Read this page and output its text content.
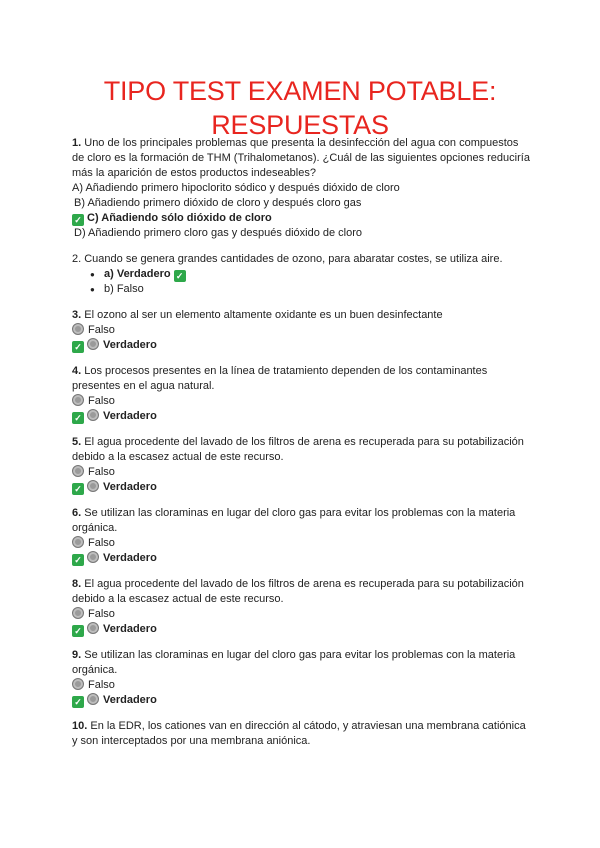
TIPO TEST EXAMEN POTABLE:
RESPUESTAS

1. Uno de los principales problemas que presenta la desinfección del agua con compuestos de cloro es la formación de THM (Trihalometanos). ¿Cuál de las siguientes opciones reduciría más la aparición de estos productos indeseables?

A) Añadiendo primero hipoclorito sódico y después dióxido de cloro

B) Añadiendo primero dióxido de cloro y después cloro gas

✓ C) Añadiendo sólo dióxido de cloro

D) Añadiendo primero cloro gas y después dióxido de cloro

2. Cuando se genera grandes cantidades de ozono, para abaratar costes, se utiliza aire.

● a) Verdadero ✓
● b) Falso

3. El ozono al ser un elemento altamente oxidante es un buen desinfectante

Falso

✓ Verdadero

4. Los procesos presentes en la línea de tratamiento dependen de los contaminantes presentes en el agua natural.

Falso

✓ Verdadero

5. El agua procedente del lavado de los filtros de arena es recuperada para su potabilización debido a la escasez actual de este recurso.

Falso

✓ Verdadero

6. Se utilizan las cloraminas en lugar del cloro gas para evitar los problemas con la materia orgánica.

Falso

✓ Verdadero

8. El agua procedente del lavado de los filtros de arena es recuperada para su potabilización debido a la escasez actual de este recurso.

Falso

✓ Verdadero

9. Se utilizan las cloraminas en lugar del cloro gas para evitar los problemas con la materia orgánica.

Falso

✓ Verdadero

10. En la EDR, los cationes van en dirección al cátodo, y atraviesan una membrana catiónica y son interceptados por una membrana aniónica.
